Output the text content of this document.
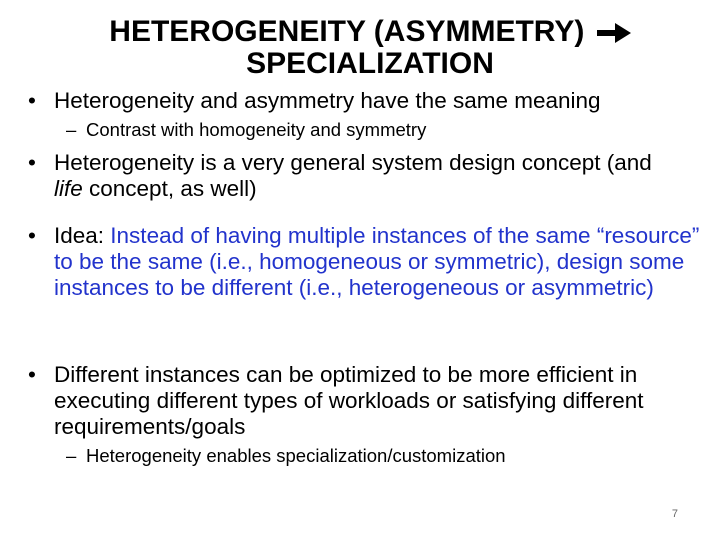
HETEROGENEITY (ASYMMETRY)
SPECIALIZATION
• Heterogeneity and asymmetry have the same meaning
– Contrast with homogeneity and symmetry
• Heterogeneity is a very general system design concept (and
life concept, as well)
• Idea: Instead of having multiple instances of the same “resource” to be the same (i.e., homogeneous or symmetric), design some instances to be different (i.e., heterogeneous or asymmetric)
• Different instances can be optimized to be more efficient in executing different types of workloads or satisfying different requirements/goals
– Heterogeneity enables specialization/customization
7
